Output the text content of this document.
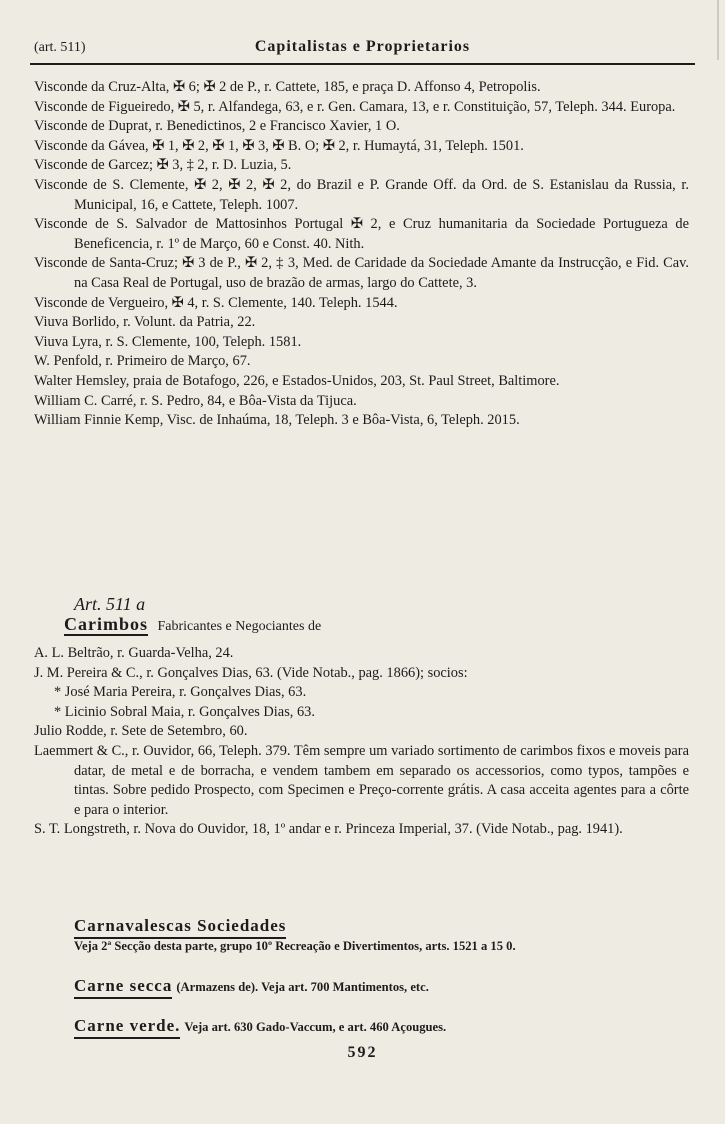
(art. 511)	Capitalistas e Proprietarios
Visconde da Cruz-Alta, ✠ 6; ✠ 2 de P., r. Cattete, 185, e praça D. Affonso 4, Petropolis.
Visconde de Figueiredo, ✠ 5, r. Alfandega, 63, e r. Gen. Camara, 13, e r. Constituição, 57, Teleph. 344. Europa.
Visconde de Duprat, r. Benedictinos, 2 e Francisco Xavier, 1 O.
Visconde da Gávea, ✠ 1, ✠ 2, ✠ 1, ✠ 3, ✠ B. O; ✠ 2, r. Humaytá, 31, Teleph. 1501.
Visconde de Garcez; ✠ 3, ‡ 2, r. D. Luzia, 5.
Visconde de S. Clemente, ✠ 2, ✠ 2, ✠ 2, do Brazil e P. Grande Off. da Ord. de S. Estanislau da Russia, r. Municipal, 16, e Cattete, Teleph. 1007.
Visconde de S. Salvador de Mattosinhos Portugal ✠ 2, e Cruz humanitaria da Sociedade Portugueza de Beneficencia, r. 1º de Março, 60 e Const. 40. Nith.
Visconde de Santa-Cruz; ✠ 3 de P., ✠ 2, ‡ 3, Med. de Caridade da Sociedade Amante da Instrucção, e Fid. Cav. na Casa Real de Portugal, uso de brazão de armas, largo do Cattete, 3.
Visconde de Vergueiro, ✠ 4, r. S. Clemente, 140. Teleph. 1544.
Viuva Borlido, r. Volunt. da Patria, 22.
Viuva Lyra, r. S. Clemente, 100, Teleph. 1581.
W. Penfold, r. Primeiro de Março, 67.
Walter Hemsley, praia de Botafogo, 226, e Estados-Unidos, 203, St. Paul Street, Baltimore.
William C. Carré, r. S. Pedro, 84, e Bôa-Vista da Tijuca.
William Finnie Kemp, Visc. de Inhaúma, 18, Teleph. 3 e Bôa-Vista, 6, Teleph. 2015.
Art. 511 a
Carimbos Fabricantes e Negociantes de
A. L. Beltrão, r. Guarda-Velha, 24.
J. M. Pereira & C., r. Gonçalves Dias, 63. (Vide Notab., pag. 1866); socios:
* José Maria Pereira, r. Gonçalves Dias, 63.
* Licinio Sobral Maia, r. Gonçalves Dias, 63.
Julio Rodde, r. Sete de Setembro, 60.
Laemmert & C., r. Ouvidor, 66, Teleph. 379. Têm sempre um variado sortimento de carimbos fixos e moveis para datar, de metal e de borracha, e vendem tambem em separado os accessorios, como typos, tampões e tintas. Sobre pedido Prospecto, com Specimen e Preço-corrente grátis. A casa acceita agentes para a côrte e para o interior.
S. T. Longstreth, r. Nova do Ouvidor, 18, 1º andar e r. Princeza Imperial, 37. (Vide Notab., pag. 1941).
Carnavalescas Sociedades
Veja 2ª Secção desta parte, grupo 10º Recreação e Divertimentos, arts. 1521 a 15 0.
Carne secca (Armazens de). Veja art. 700 Mantimentos, etc.
Carne verde. Veja art. 630 Gado-Vaccum, e art. 460 Açougues.
592
